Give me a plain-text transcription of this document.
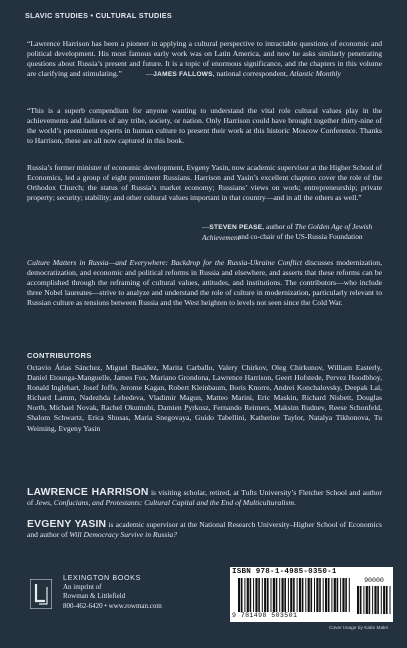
SLAVIC STUDIES • CULTURAL STUDIES

“Lawrence Harrison has been a pioneer in applying a cultural perspective to intractable questions of economic and political development. His most famous early work was on Latin America, and now he asks similarly penetrating questions about Russia’s present and future. It is a topic of enormous significance, and the chapters in this volume are clarifying and stimulating.”	—JAMES FALLOWS, national correspondent, Atlantic Monthly

“This is a superb compendium for anyone wanting to understand the vital role cultural values play in the achievements and failures of any tribe, society, or nation. Only Harrison could have brought together thirty-nine of the world’s preeminent experts in human culture to present their work at this historic Moscow Conference. Thanks to Harrison, these are all now captured in this book.

Russia’s former minister of economic development, Evgeny Yasin, now academic supervisor at the Higher School of Economics, led a group of eight prominent Russians. Harrison and Yasin’s excellent chapters cover the role of the Orthodox Church; the status of Russia’s market economy; Russians’ views on work; entrepreneurship; private property; security; stability; and other cultural values important in that country—and in all the others as well.”

—STEVEN PEASE, author of The Golden Age of Jewish Achievement

and co-chair of the US-Russia Foundation

Culture Matters in Russia—and Everywhere: Backdrop for the Russia-Ukraine Conflict discusses modernization, democratization, and economic and political reforms in Russia and elsewhere, and asserts that these reforms can be accomplished through the reframing of cultural values, attitudes, and institutions. The contributors—who include three Nobel laureates—strive to analyze and understand the role of culture in modernization, particularly relevant to Russian culture as tensions between Russia and the West heighten to levels not seen since the Cold War.

CONTRIBUTORS

Octavio Árias Sánchez, Miguel Basáñez, Marita Carballo, Valery Chirkov, Oleg Chirkunov, William Easterly, Daniel Etounga-Manguelle, James Fox, Mariano Grondona, Lawrence Harrison, Geert Hofstede, Pervez Hoodbhoy, Ronald Inglehart, Josef Joffe, Jerome Kagan, Robert Kleinbaum, Boris Knorre, Andrei Konchalovsky, Deepak Lal, Richard Lamm, Nadezhda Lebedeva, Vladimir Magun, Matteo Marini, Eric Maskin, Richard Nisbett, Douglas North, Michael Novak, Rachel Okumubi, Damien Pyrkosz, Fernando Reimers, Maksim Rudnev, Reese Schonfeld, Shalom Schwartz, Erica Shusas, Maria Snegovaya, Guido Tabellini, Katherine Taylor, Natalya Tikhonova, Tu Weiming, Evgeny Yasin

LAWRENCE HARRISON is visiting scholar, retired, at Tufts University’s Fletcher School and author of Jews, Confucians, and Protestants: Cultural Capital and the End of Multiculturalism.

EVGENY YASIN is academic supervisor at the National Research University–Higher School of Economics and author of Will Democracy Survive in Russia?

LEXINGTON BOOKS
An imprint of
Rowman & Littlefield
800-462-6420 • www.rowman.com
ISBN 978-1-4985-0350-1
9 781498 503501
90000
Cover Image by Katie Makri
